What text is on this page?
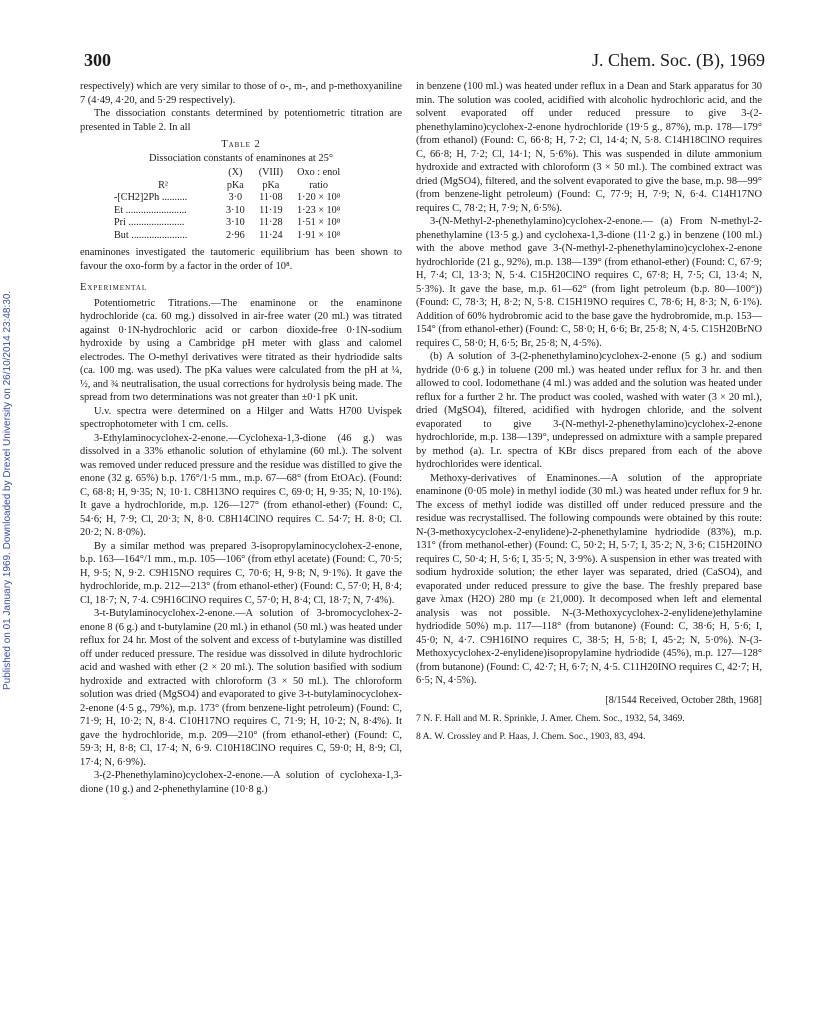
Published on 01 January 1969. Downloaded by Drexel University on 26/10/2014 23:48:30.
300	J. Chem. Soc. (B), 1969

respectively) which are very similar to those of o-, m-, and p-methoxyaniline 7 (4·49, 4·20, and 5·29 respectively).

The dissociation constants determined by potentiometric titration are presented in Table 2. In all

Table 2
Dissociation constants of enaminones at 25°
	(X)	(VIII)	Oxo : enol
R²	pKa	pKa	ratio
-[CH2]2Ph ..........	3·0	11·08	1·20 × 10⁸
Et ........................	3·10	11·19	1·23 × 10⁸
Pri ......................	3·10	11·28	1·51 × 10⁸
But ......................	2·96	11·24	1·91 × 10⁸

enaminones investigated the tautomeric equilibrium has been shown to favour the oxo-form by a factor in the order of 10⁸.

Experimental

Potentiometric Titrations.—The enaminone or the enaminone hydrochloride (ca. 60 mg.) dissolved in air-free water (20 ml.) was titrated against 0·1N-hydrochloric acid or carbon dioxide-free 0·1N-sodium hydroxide by using a Cambridge pH meter with glass and calomel electrodes. The O-methyl derivatives were titrated as their hydriodide salts (ca. 100 mg. was used). The pKa values were calculated from the pH at ¼, ½, and ¾ neutralisation, the usual corrections for hydrolysis being made. The spread from two determinations was not greater than ±0·1 pK unit.

U.v. spectra were determined on a Hilger and Watts H700 Uvispek spectrophotometer with 1 cm. cells.

3-Ethylaminocyclohex-2-enone.—Cyclohexa-1,3-dione (46 g.) was dissolved in a 33% ethanolic solution of ethylamine (60 ml.). The solvent was removed under reduced pressure and the residue was distilled to give the enone (32 g. 65%) b.p. 176°/1·5 mm., m.p. 67—68° (from EtOAc). (Found: C, 68·8; H, 9·35; N, 10·1. C8H13NO requires C, 69·0; H, 9·35; N, 10·1%). It gave a hydrochloride, m.p. 126—127° (from ethanol-ether) (Found: C, 54·6; H, 7·9; Cl, 20·3; N, 8·0. C8H14ClNO requires C. 54·7; H. 8·0; Cl. 20·2; N. 8·0%).

By a similar method was prepared 3-isopropylaminocyclohex-2-enone, b.p. 163—164°/1 mm., m.p. 105—106° (from ethyl acetate) (Found: C, 70·5; H, 9·5; N, 9·2. C9H15NO requires C, 70·6; H, 9·8; N, 9·1%). It gave the hydrochloride, m.p. 212—213° (from ethanol-ether) (Found: C, 57·0; H, 8·4; Cl, 18·7; N, 7·4. C9H16ClNO requires C, 57·0; H, 8·4; Cl, 18·7; N, 7·4%).

3-t-Butylaminocyclohex-2-enone.—A solution of 3-bromocyclohex-2-enone 8 (6 g.) and t-butylamine (20 ml.) in ethanol (50 ml.) was heated under reflux for 24 hr. Most of the solvent and excess of t-butylamine was distilled off under reduced pressure. The residue was dissolved in dilute hydrochloric acid and washed with ether (2 × 20 ml.). The solution basified with sodium hydroxide and extracted with chloroform (3 × 50 ml.). The chloroform solution was dried (MgSO4) and evaporated to give 3-t-butylaminocyclohex-2-enone (4·5 g., 79%), m.p. 173° (from benzene-light petroleum) (Found: C, 71·9; H, 10·2; N, 8·4. C10H17NO requires C, 71·9; H, 10·2; N, 8·4%). It gave the hydrochloride, m.p. 209—210° (from ethanol-ether) (Found: C, 59·3; H, 8·8; Cl, 17·4; N, 6·9. C10H18ClNO requires C, 59·0; H, 8·9; Cl, 17·4; N, 6·9%).

3-(2-Phenethylamino)cyclohex-2-enone.—A solution of cyclohexa-1,3-dione (10 g.) and 2-phenethylamine (10·8 g.)

in benzene (100 ml.) was heated under reflux in a Dean and Stark apparatus for 30 min. The solution was cooled, acidified with alcoholic hydrochloric acid, and the solvent evaporated off under reduced pressure to give 3-(2-phenethylamino)cyclohex-2-enone hydrochloride (19·5 g., 87%), m.p. 178—179° (from ethanol) (Found: C, 66·8; H, 7·2; Cl, 14·4; N, 5·8. C14H18ClNO requires C, 66·8; H, 7·2; Cl, 14·1; N, 5·6%). This was suspended in dilute ammonium hydroxide and extracted with chloroform (3 × 50 ml.). The combined extract was dried (MgSO4), filtered, and the solvent evaporated to give the base, m.p. 98—99° (from benzene-light petroleum) (Found: C, 77·9; H, 7·9; N, 6·4. C14H17NO requires C, 78·2; H, 7·9; N, 6·5%).

3-(N-Methyl-2-phenethylamino)cyclohex-2-enone.— (a) From N-methyl-2-phenethylamine (13·5 g.) and cyclohexa-1,3-dione (11·2 g.) in benzene (100 ml.) with the above method gave 3-(N-methyl-2-phenethylamino)cyclohex-2-enone hydrochloride (21 g., 92%), m.p. 138—139° (from ethanol-ether) (Found: C, 67·9; H, 7·4; Cl, 13·3; N, 5·4. C15H20ClNO requires C, 67·8; H, 7·5; Cl, 13·4; N, 5·3%). It gave the base, m.p. 61—62° (from light petroleum (b.p. 80—100°)) (Found: C, 78·3; H, 8·2; N, 5·8. C15H19NO requires C, 78·6; H, 8·3; N, 6·1%). Addition of 60% hydrobromic acid to the base gave the hydrobromide, m.p. 153—154° (from ethanol-ether) (Found: C, 58·0; H, 6·6; Br, 25·8; N, 4·5. C15H20BrNO requires C, 58·0; H, 6·5; Br, 25·8; N, 4·5%).

(b) A solution of 3-(2-phenethylamino)cyclohex-2-enone (5 g.) and sodium hydride (0·6 g.) in toluene (200 ml.) was heated under reflux for 3 hr. and then allowed to cool. Iodomethane (4 ml.) was added and the solution was heated under reflux for a further 2 hr. The product was cooled, washed with water (3 × 20 ml.), dried (MgSO4), filtered, acidified with hydrogen chloride, and the solvent evaporated to give 3-(N-methyl-2-phenethylamino)cyclohex-2-enone hydrochloride, m.p. 138—139°, undepressed on admixture with a sample prepared by method (a). I.r. spectra of KBr discs prepared from each of the above hydrochlorides were identical.

Methoxy-derivatives of Enaminones.—A solution of the appropriate enaminone (0·05 mole) in methyl iodide (30 ml.) was heated under reflux for 9 hr. The excess of methyl iodide was distilled off under reduced pressure and the residue was recrystallised. The following compounds were obtained by this route: N-(3-methoxycyclohex-2-enylidene)-2-phenethylamine hydriodide (83%), m.p. 131° (from methanol-ether) (Found: C, 50·2; H, 5·7; I, 35·2; N, 3·6; C15H20INO requires C, 50·4; H, 5·6; I, 35·5; N, 3·9%). A suspension in ether was treated with sodium hydroxide solution; the ether layer was separated, dried (CaSO4), and evaporated under reduced pressure to give the base. The freshly prepared base gave λmax (H2O) 280 mμ (ε 21,000). It decomposed when left and elemental analysis was not possible. N-(3-Methoxycyclohex-2-enylidene)ethylamine hydriodide 50%) m.p. 117—118° (from butanone) (Found: C, 38·6; H, 5·6; I, 45·0; N, 4·7. C9H16INO requires C, 38·5; H, 5·8; I, 45·2; N, 5·0%). N-(3-Methoxycyclohex-2-enylidene)isopropylamine hydriodide (45%), m.p. 127—128° (from butanone) (Found: C, 42·7; H, 6·7; N, 4·5. C11H20INO requires C, 42·7; H, 6·5; N, 4·5%).

[8/1544 Received, October 28th, 1968]

7 N. F. Hall and M. R. Sprinkle, J. Amer. Chem. Soc., 1932, 54, 3469.

8 A. W. Crossley and P. Haas, J. Chem. Soc., 1903, 83, 494.
